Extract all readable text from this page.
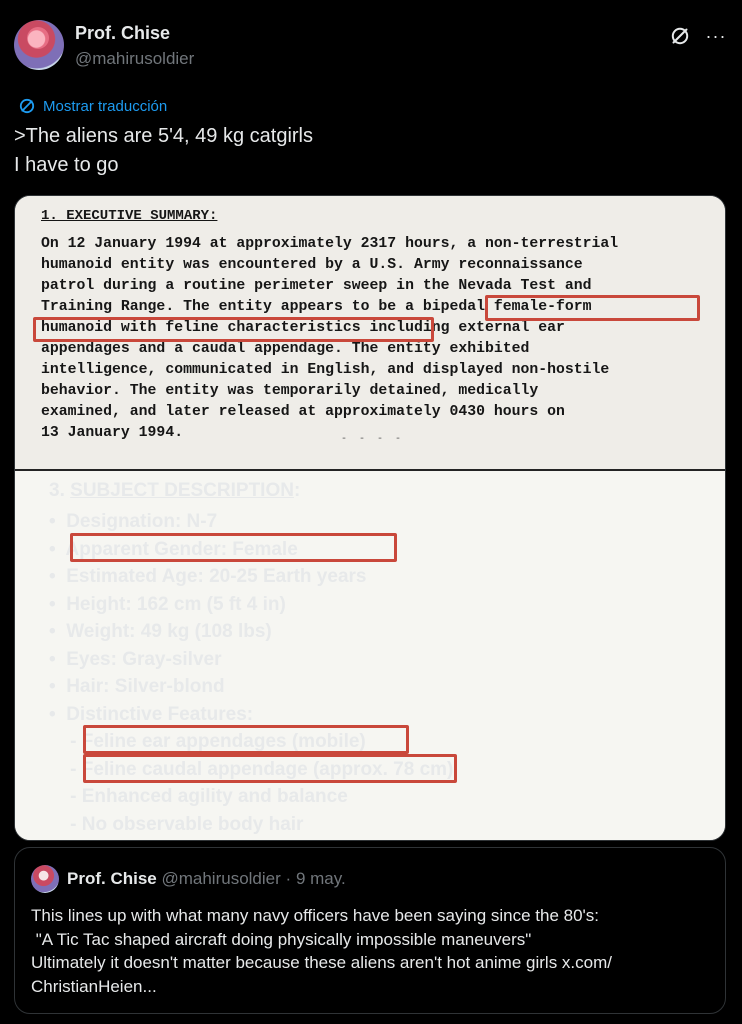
Prof. Chise
@mahirusoldier
···
Mostrar traducción
>The aliens are 5'4, 49 kg catgirls
I have to go
1. EXECUTIVE SUMMARY:
On 12 January 1994 at approximately 2317 hours, a non-terrestrial
humanoid entity was encountered by a U.S. Army reconnaissance
patrol during a routine perimeter sweep in the Nevada Test and
Training Range. The entity appears to be a bipedal female-form
humanoid with feline characteristics including external ear
appendages and a caudal appendage. The entity exhibited
intelligence, communicated in English, and displayed non-hostile
behavior. The entity was temporarily detained, medically
examined, and later released at approximately 0430 hours on
13 January 1994.	- - - -
3. SUBJECT DESCRIPTION:
•  Designation: N-7
•  Apparent Gender: Female
•  Estimated Age: 20-25 Earth years
•  Height: 162 cm (5 ft 4 in)
•  Weight: 49 kg (108 lbs)
•  Eyes: Gray-silver
•  Hair: Silver-blond
•  Distinctive Features:
- Feline ear appendages (mobile)
- Feline caudal appendage (approx. 78 cm)
- Enhanced agility and balance
- No observable body hair
Prof. Chise @mahirusoldier · 9 may.
This lines up with what many navy officers have been saying since the 80's:
"A Tic Tac shaped aircraft doing physically impossible maneuvers"
Ultimately it doesn't matter because these aliens aren't hot anime girls x.com/
ChristianHeien...
